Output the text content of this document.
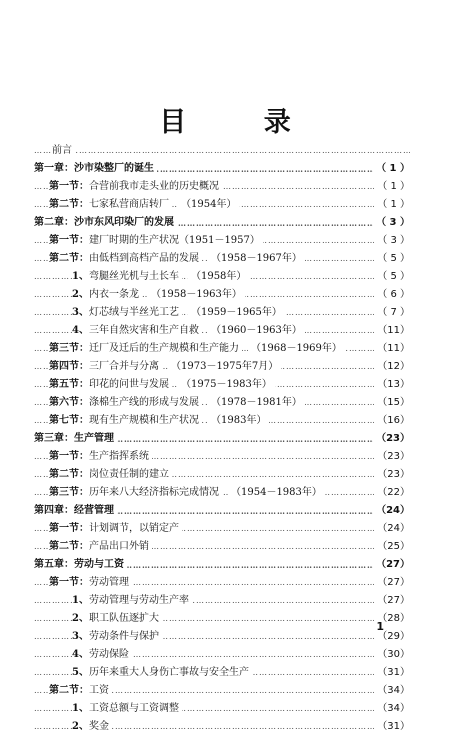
目 录
……………………………………………………………………………………………………………………………………………………………………………………
前言
……………………………………………………………………………………………………………………………………………………………………………………
第一章：沙市染整厂的诞生	（ 1 ）
……………………………………………………………………………………………………………………………………………………………………………………
第一节：合营前我市走头业的历史概况	（ 1 ）
……………………………………………………………………………………………………………………………………………………………………………………
第二节：七家私营商店转厂 （1954年）	（ 1 ）
……………………………………………………………………………………………………………………………………………………………………………………
第二章：沙市东风印染厂的发展	（ 3 ）
……………………………………………………………………………………………………………………………………………………………………………………
第一节：建厂时期的生产状况（1951－1957）	（ 3 ）
……………………………………………………………………………………………………………………………………………………………………………………
第二节：由低档到高档产品的发展 （1958－1967年）	（ 5 ）
……………………………………………………………………………………………………………………………………………………………………………………
1、弯腿丝光机与土长车 （1958年）	（ 5 ）
……………………………………………………………………………………………………………………………………………………………………………………
2、内衣一条龙 （1958－1963年）	（ 6 ）
……………………………………………………………………………………………………………………………………………………………………………………
3、灯芯绒与半丝光工艺 （1959－1965年）	（ 7 ）
……………………………………………………………………………………………………………………………………………………………………………………
4、三年自然灾害和生产自救 （1960－1963年）	（11）
……………………………………………………………………………………………………………………………………………………………………………………
第三节：迁厂及迁后的生产规模和生产能力 （1968－1969年）	（11）
……………………………………………………………………………………………………………………………………………………………………………………
第四节：三厂合并与分离 （1973－1975年7月）	（12）
……………………………………………………………………………………………………………………………………………………………………………………
第五节：印花的问世与发展 （1975－1983年）	（13）
……………………………………………………………………………………………………………………………………………………………………………………
第六节：涤棉生产线的形成与发展 （1978－1981年）	（15）
……………………………………………………………………………………………………………………………………………………………………………………
第七节：现有生产规模和生产状况 （1983年）	（16）
……………………………………………………………………………………………………………………………………………………………………………………
第三章：生产管理	（23）
……………………………………………………………………………………………………………………………………………………………………………………
第一节：生产指挥系统	（23）
……………………………………………………………………………………………………………………………………………………………………………………
第二节：岗位责任制的建立	（23）
……………………………………………………………………………………………………………………………………………………………………………………
第三节：历年来八大经济指标完成情况 （1954－1983年）	（22）
……………………………………………………………………………………………………………………………………………………………………………………
第四章：经营管理	（24）
……………………………………………………………………………………………………………………………………………………………………………………
第一节：计划调节，以销定产	（24）
……………………………………………………………………………………………………………………………………………………………………………………
第二节：产品出口外销	（25）
……………………………………………………………………………………………………………………………………………………………………………………
第五章：劳动与工资	（27）
……………………………………………………………………………………………………………………………………………………………………………………
第一节：劳动管理	（27）
……………………………………………………………………………………………………………………………………………………………………………………
1、劳动管理与劳动生产率	（27）
……………………………………………………………………………………………………………………………………………………………………………………
2、职工队伍逐扩大	（28）
……………………………………………………………………………………………………………………………………………………………………………………
3、劳动条件与保护	（29）
……………………………………………………………………………………………………………………………………………………………………………………
4、劳动保险	（30）
……………………………………………………………………………………………………………………………………………………………………………………
5、历年来重大人身伤亡事故与安全生产	（31）
……………………………………………………………………………………………………………………………………………………………………………………
第二节：工资	（34）
……………………………………………………………………………………………………………………………………………………………………………………
1、工资总额与工资调整	（34）
……………………………………………………………………………………………………………………………………………………………………………………
2、奖金	（31）
1
